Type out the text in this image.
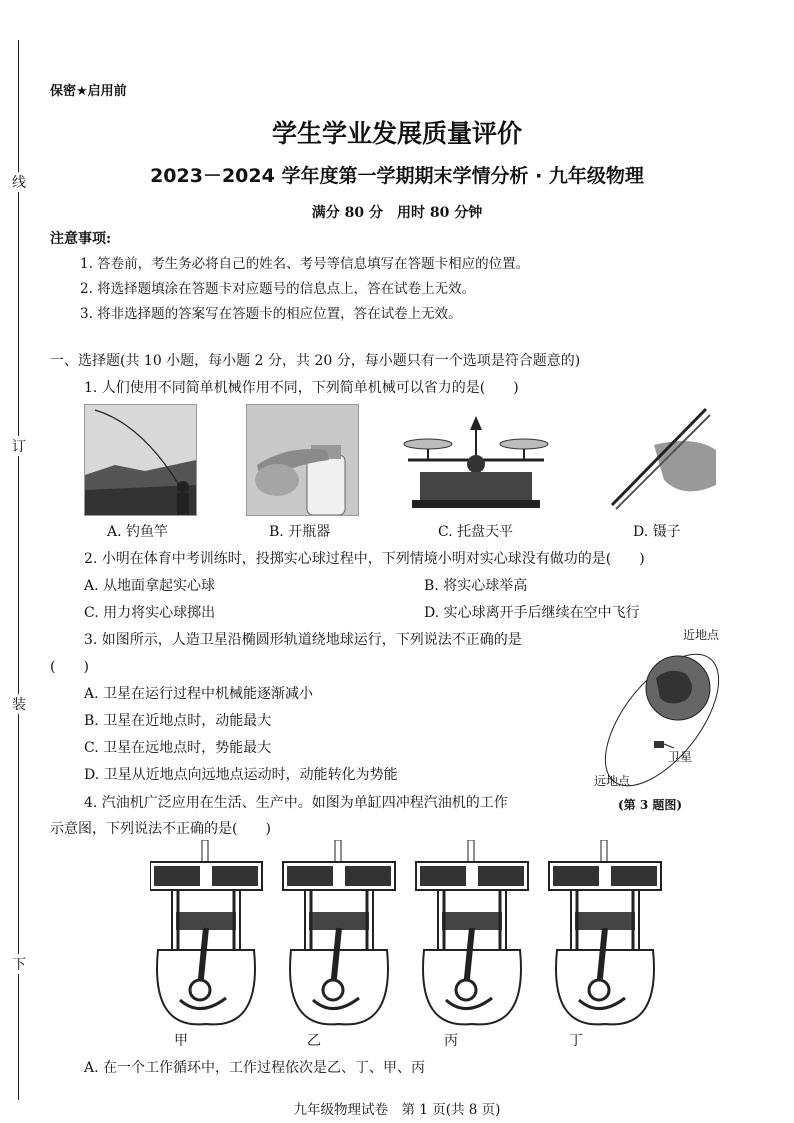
线
订
装
下
保密★启用前
学生学业发展质量评价
2023－2024 学年度第一学期期末学情分析 · 九年级物理
满分 80 分　用时 80 分钟
注意事项:
1. 答卷前，考生务必将自己的姓名、考号等信息填写在答题卡相应的位置。
2. 将选择题填涂在答题卡对应题号的信息点上，答在试卷上无效。
3. 将非选择题的答案写在答题卡的相应位置，答在试卷上无效。
一、选择题(共 10 小题，每小题 2 分，共 20 分，每小题只有一个选项是符合题意的)
1. 人们使用不同简单机械作用不同，下列简单机械可以省力的是(　　)
A. 钓鱼竿	B. 开瓶器	C. 托盘天平	D. 镊子
2. 小明在体育中考训练时，投掷实心球过程中，下列情境小明对实心球没有做功的是(　　)
A. 从地面拿起实心球	B. 将实心球举高
C. 用力将实心球掷出	D. 实心球离开手后继续在空中飞行
3. 如图所示，人造卫星沿椭圆形轨道绕地球运行，下列说法不正确的是
(　　)
A. 卫星在运行过程中机械能逐渐减小
B. 卫星在近地点时，动能最大
C. 卫星在远地点时，势能最大
D. 卫星从近地点向远地点运动时，动能转化为势能
近地点
卫星
远地点
(第 3 题图)
4. 汽油机广泛应用在生活、生产中。如图为单缸四冲程汽油机的工作
示意图，下列说法不正确的是(　　)
甲	乙	丙	丁
A. 在一个工作循环中，工作过程依次是乙、丁、甲、丙
九年级物理试卷　第 1 页(共 8 页)
